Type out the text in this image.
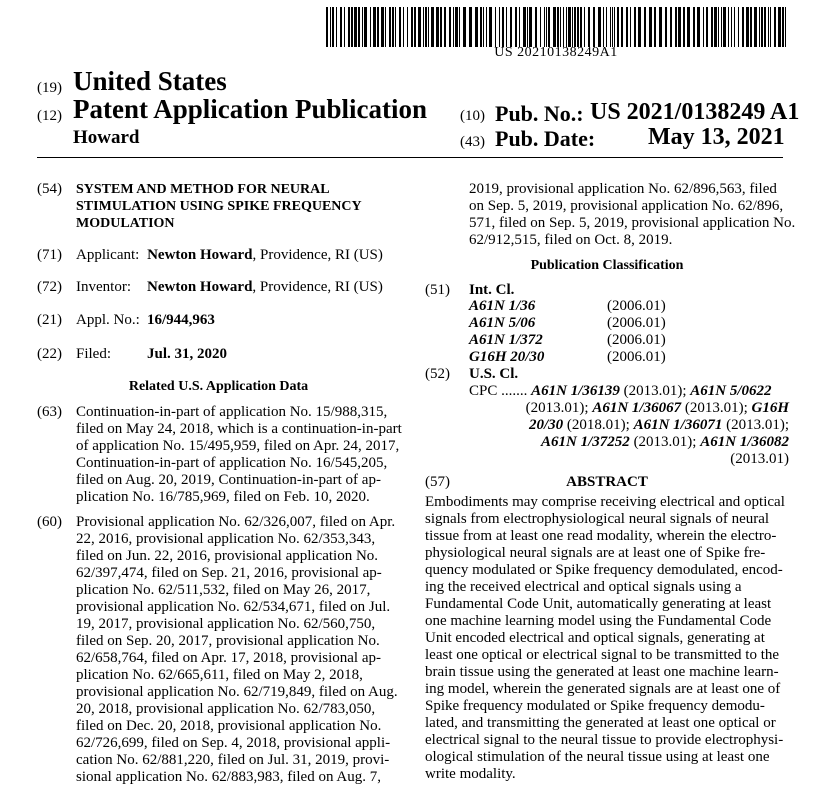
US 20210138249A1
(19) United States
(12) Patent Application Publication
Howard
(10) Pub. No.: US 2021/0138249 A1
(43) Pub. Date: May 13, 2021
(54) SYSTEM AND METHOD FOR NEURAL
STIMULATION USING SPIKE FREQUENCY
MODULATION
(71) Applicant: Newton Howard, Providence, RI (US)
(72) Inventor: Newton Howard, Providence, RI (US)
(21) Appl. No.: 16/944,963
(22) Filed: Jul. 31, 2020
Related U.S. Application Data
(63) Continuation-in-part of application No. 15/988,315,
filed on May 24, 2018, which is a continuation-in-part
of application No. 15/495,959, filed on Apr. 24, 2017,
Continuation-in-part of application No. 16/545,205,
filed on Aug. 20, 2019, Continuation-in-part of ap-
plication No. 16/785,969, filed on Feb. 10, 2020.
(60) Provisional application No. 62/326,007, filed on Apr.
22, 2016, provisional application No. 62/353,343,
filed on Jun. 22, 2016, provisional application No.
62/397,474, filed on Sep. 21, 2016, provisional ap-
plication No. 62/511,532, filed on May 26, 2017,
provisional application No. 62/534,671, filed on Jul.
19, 2017, provisional application No. 62/560,750,
filed on Sep. 20, 2017, provisional application No.
62/658,764, filed on Apr. 17, 2018, provisional ap-
plication No. 62/665,611, filed on May 2, 2018,
provisional application No. 62/719,849, filed on Aug.
20, 2018, provisional application No. 62/783,050,
filed on Dec. 20, 2018, provisional application No.
62/726,699, filed on Sep. 4, 2018, provisional appli-
cation No. 62/881,220, filed on Jul. 31, 2019, provi-
sional application No. 62/883,983, filed on Aug. 7,
2019, provisional application No. 62/896,563, filed
on Sep. 5, 2019, provisional application No. 62/896,
571, filed on Sep. 5, 2019, provisional application No.
62/912,515, filed on Oct. 8, 2019.
Publication Classification
(51) Int. Cl.
A61N 1/36	(2006.01)
A61N 5/06	(2006.01)
A61N 1/372	(2006.01)
G16H 20/30	(2006.01)
(52) U.S. Cl.
CPC ....... A61N 1/36139 (2013.01); A61N 5/0622
(2013.01); A61N 1/36067 (2013.01); G16H
20/30 (2018.01); A61N 1/36071 (2013.01);
A61N 1/37252 (2013.01); A61N 1/36082
(2013.01)
(57)	ABSTRACT
Embodiments may comprise receiving electrical and optical
signals from electrophysiological neural signals of neural
tissue from at least one read modality, wherein the electro-
physiological neural signals are at least one of Spike fre-
quency modulated or Spike frequency demodulated, encod-
ing the received electrical and optical signals using a
Fundamental Code Unit, automatically generating at least
one machine learning model using the Fundamental Code
Unit encoded electrical and optical signals, generating at
least one optical or electrical signal to be transmitted to the
brain tissue using the generated at least one machine learn-
ing model, wherein the generated signals are at least one of
Spike frequency modulated or Spike frequency demodu-
lated, and transmitting the generated at least one optical or
electrical signal to the neural tissue to provide electrophysi-
ological stimulation of the neural tissue using at least one
write modality.
